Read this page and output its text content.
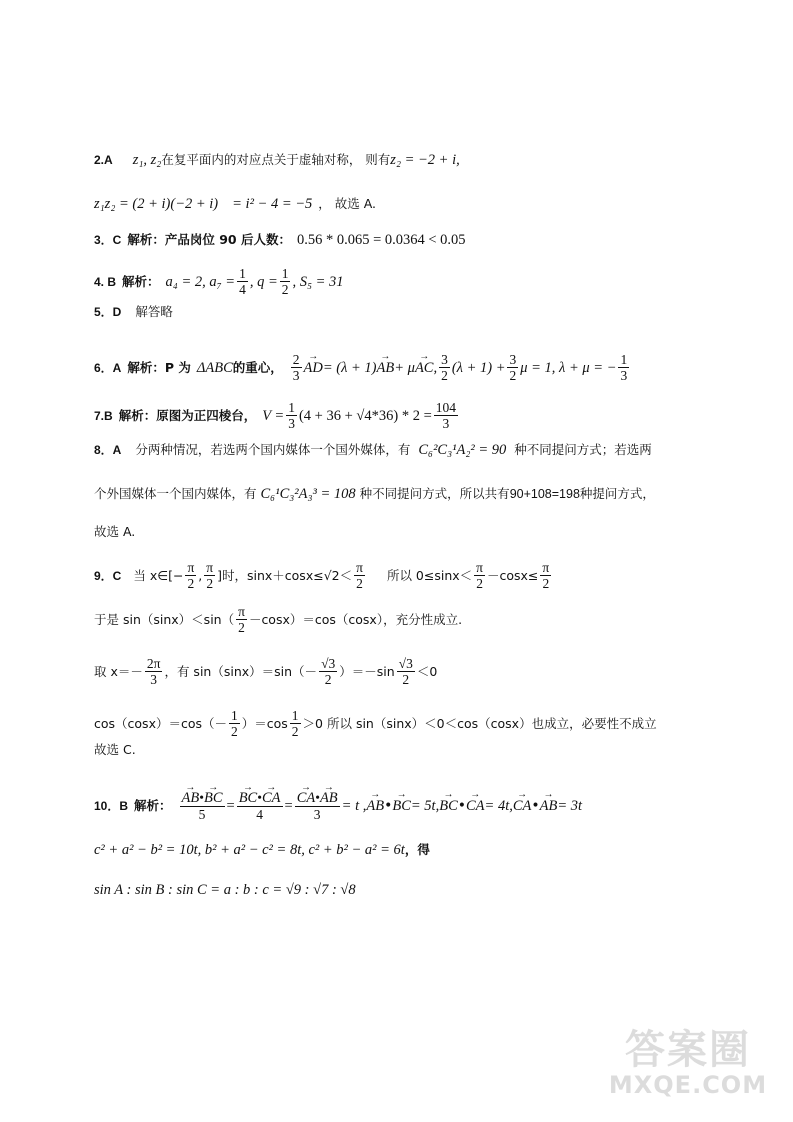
2.A z₁, z₂ 在复平面内的对应点关于虚轴对称， 则有 z₂ = −2 + i,
z₁z₂ = (2 + i)(−2 + i) = i² − 4 = −5 ， 故选 A.
3．C 解析：产品岗位 90 后人数： 0.56 * 0.065 = 0.0364 < 0.05
4. B 解析： a₄ = 2, $a_7 = \frac{1}{4}$ , $q = \frac{1}{2}$ , S₅ = 31
5．D 解答略
6．A 解析：P 为 ΔABC 的重心， $\frac{2}{3}$ → AD = (λ + 1) → AB + μ → AC , $\frac{3}{2} (\lambda + 1) + \frac{3}{2}$ μ = 1, λ + μ = − $\frac{1}{3}$
7.B 解析：原图为正四棱台， $V = \frac{1}{3} (4 + 36 + √4*36) * 2 = \frac{104}{3}$
8．A 分两种情况，若选两个国内媒体一个国外媒体，有 C₆²C₃¹A₂² = 90 种不同提问方式；若选两
个外国媒体一个国内媒体，有 C₆¹C₃²A₃³ = 108 种不同提问方式，所以共有 90+108=198 种提问方式，
故选 A.
9．C 当 x∈[− $\frac{\pi}{2}$ , $\frac{\pi}{2}$ ]时，$\sin x+\cos x\le√2< \frac{\pi}{2}$ 所以 $0\le\sin x< \frac{\pi}{2} -\cos x\le \frac{\pi}{2}$
于是 $\sin(\sin x)<\sin( \frac{\pi}{2} -\cos x)=\cos(\cos x)$，充分性成立.
取 $x=- \frac{2\pi}{3}$ ，有 $\sin(\sin x)=\sin(- \frac{√3}{2} )=-\sin \frac{√3}{2} <0$
$\cos(\cos x)=\cos(- \frac{1}{2} )=\cos \frac{1}{2} >0$ 所以 sin（sinx）＜0＜cos（cosx）也成立，必要性不成立
故选 C.
10．B 解析： → $\frac{AB•\to BC}{5}$ = → $\frac{BC•\to CA}{4}$ = → $\frac{CA•\to AB}{3} = t$ , → AB • → BC = 5t, → BC • → CA = 4t, → CA • → AB = 3t
c² + a² − b² = 10t, b² + a² − c² = 8t, c² + b² − a² = 6t ，得
sin A : sin B : sin C = a : b : c = √9 : √7 : √8
答案圈
MXQE.COM
